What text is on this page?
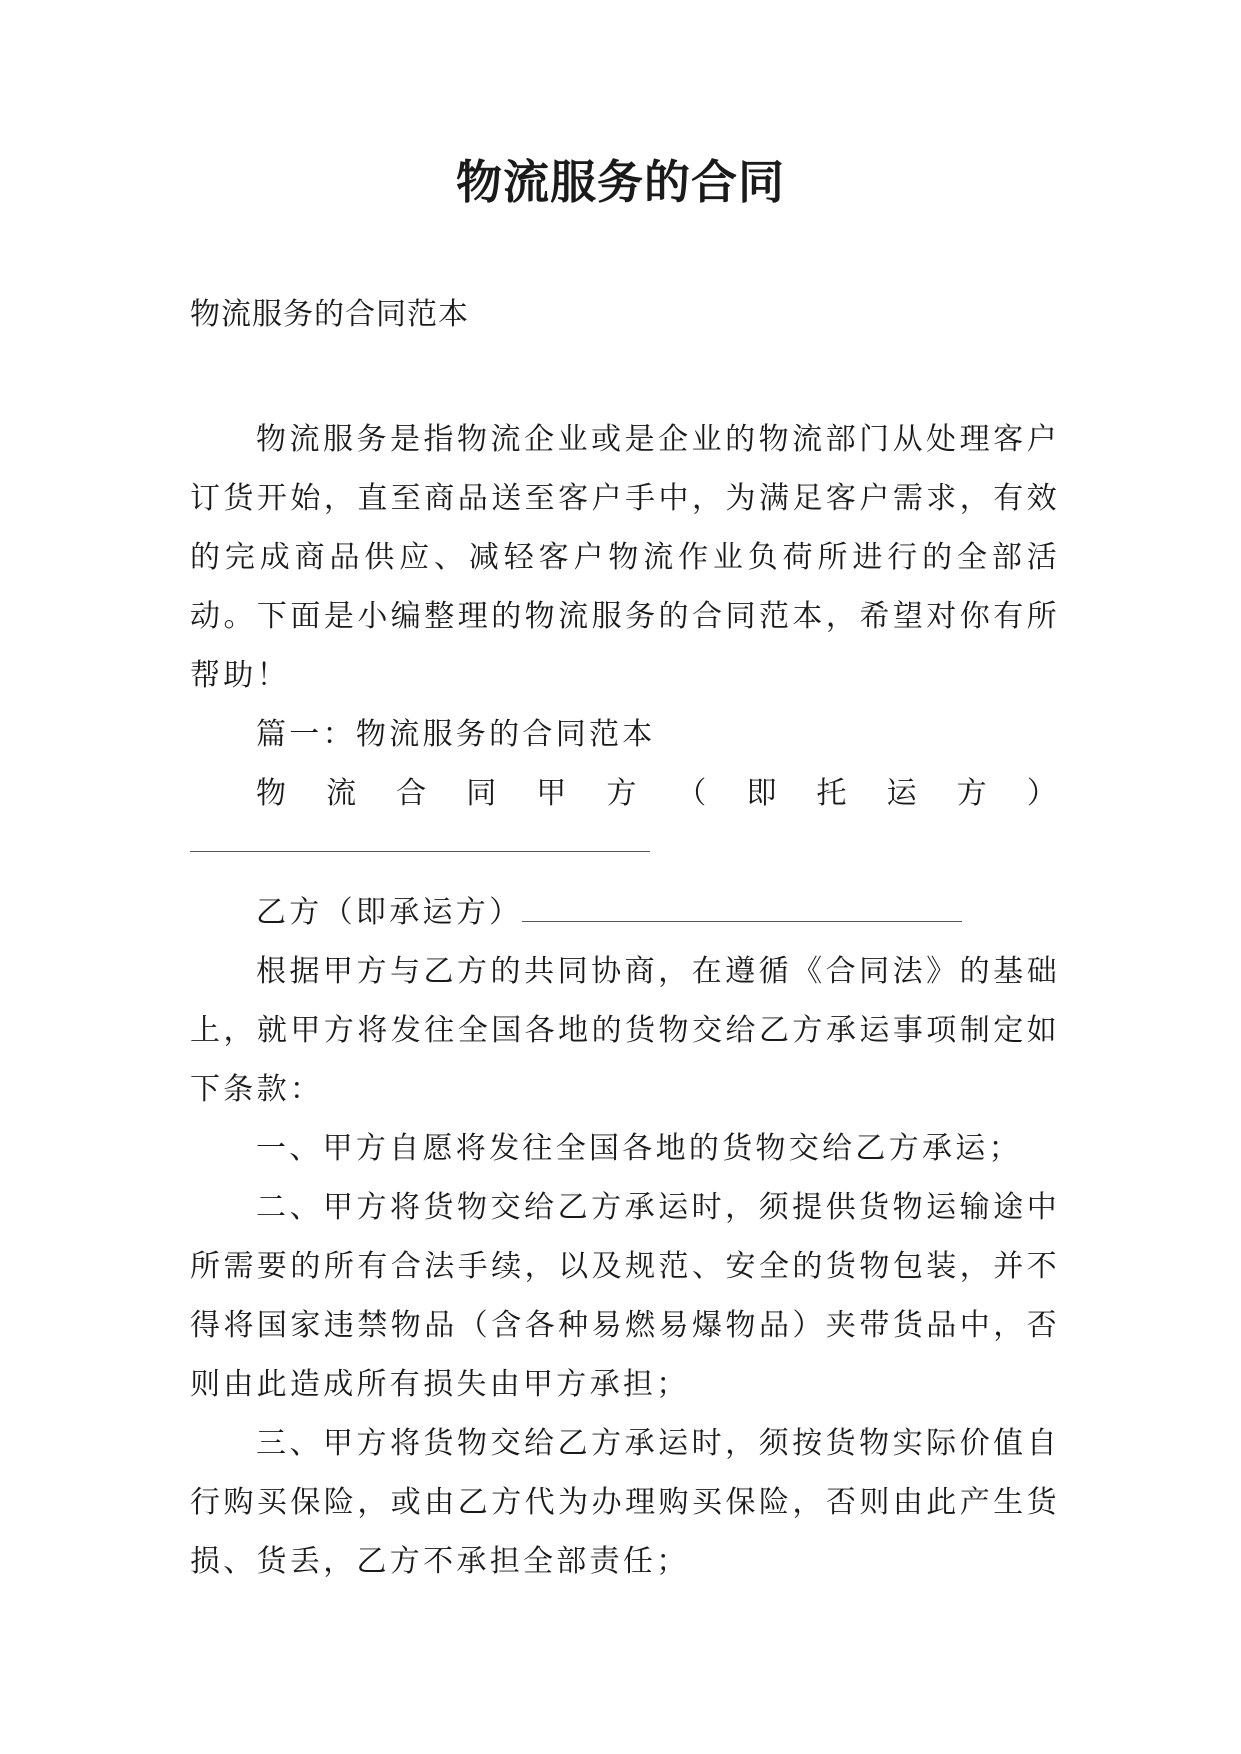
物流服务的合同
物流服务的合同范本

物流服务是指物流企业或是企业的物流部门从处理客户订货开始，直至商品送至客户手中，为满足客户需求，有效的完成商品供应、减轻客户物流作业负荷所进行的全部活动。下面是小编整理的物流服务的合同范本，希望对你有所帮助！

篇一：物流服务的合同范本

物流合同甲方（即托运方）

乙方（即承运方）

根据甲方与乙方的共同协商，在遵循《合同法》的基础上，就甲方将发往全国各地的货物交给乙方承运事项制定如下条款：

一、甲方自愿将发往全国各地的货物交给乙方承运；

二、甲方将货物交给乙方承运时，须提供货物运输途中所需要的所有合法手续，以及规范、安全的货物包装，并不得将国家违禁物品（含各种易燃易爆物品）夹带货品中，否则由此造成所有损失由甲方承担；

三、甲方将货物交给乙方承运时，须按货物实际价值自行购买保险，或由乙方代为办理购买保险，否则由此产生货损、货丢，乙方不承担全部责任；
